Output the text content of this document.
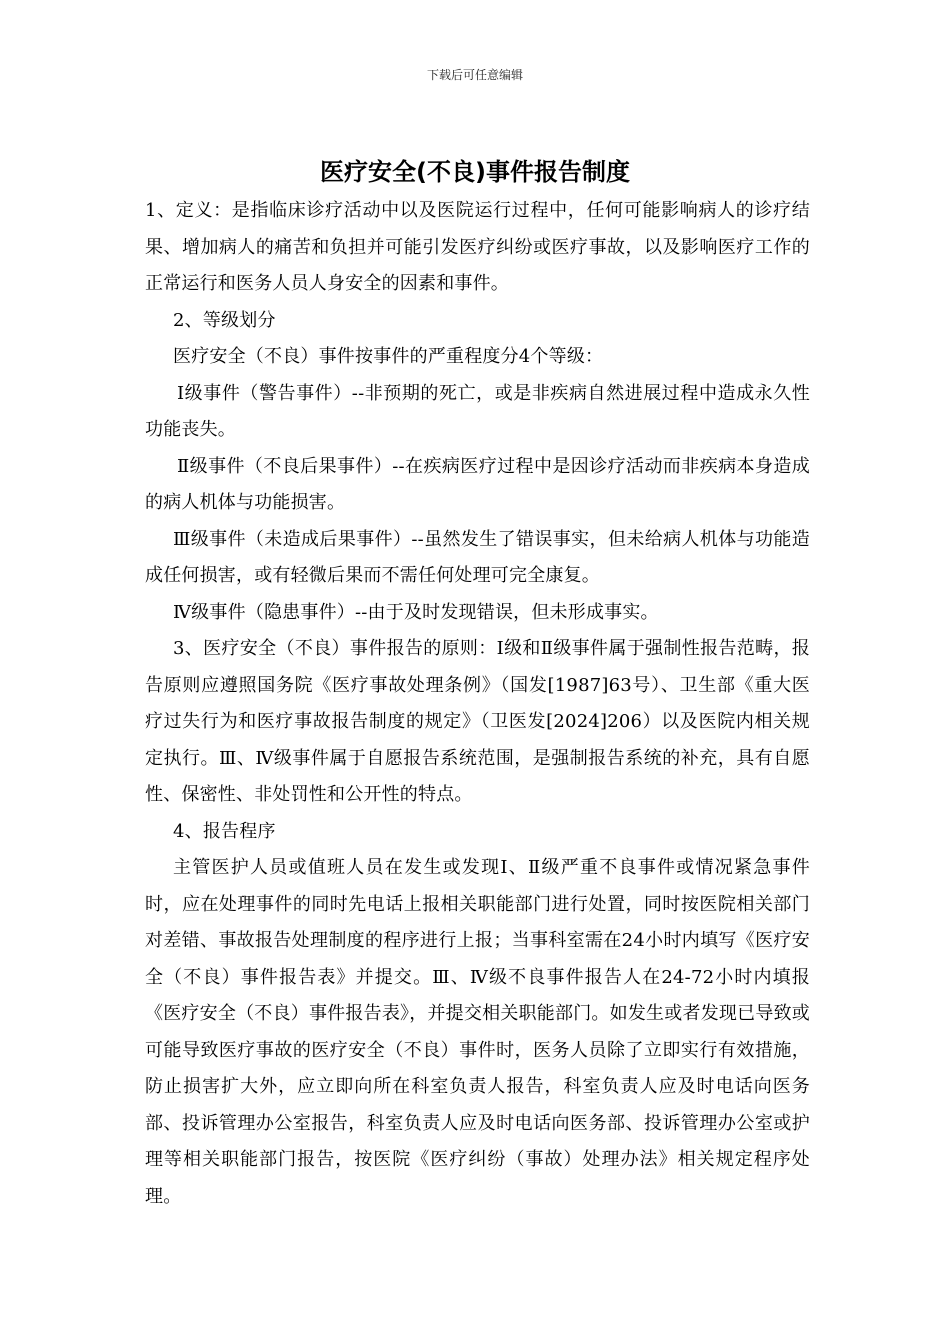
下载后可任意编辑
医疗安全(不良)事件报告制度

1、定义：是指临床诊疗活动中以及医院运行过程中，任何可能影响病人的诊疗结果、增加病人的痛苦和负担并可能引发医疗纠纷或医疗事故，以及影响医疗工作的正常运行和医务人员人身安全的因素和事件。

2、等级划分

医疗安全（不良）事件按事件的严重程度分4个等级：

Ⅰ级事件（警告事件）--非预期的死亡，或是非疾病自然进展过程中造成永久性功能丧失。

Ⅱ级事件（不良后果事件）--在疾病医疗过程中是因诊疗活动而非疾病本身造成的病人机体与功能损害。

Ⅲ级事件（未造成后果事件）--虽然发生了错误事实，但未给病人机体与功能造成任何损害，或有轻微后果而不需任何处理可完全康复。

Ⅳ级事件（隐患事件）--由于及时发现错误，但未形成事实。

3、医疗安全（不良）事件报告的原则：Ⅰ级和Ⅱ级事件属于强制性报告范畴，报告原则应遵照国务院《医疗事故处理条例》（国发[1987]63号）、卫生部《重大医疗过失行为和医疗事故报告制度的规定》（卫医发[2024]206）以及医院内相关规定执行。Ⅲ、Ⅳ级事件属于自愿报告系统范围，是强制报告系统的补充，具有自愿性、保密性、非处罚性和公开性的特点。

4、报告程序

主管医护人员或值班人员在发生或发现Ⅰ、Ⅱ级严重不良事件或情况紧急事件时，应在处理事件的同时先电话上报相关职能部门进行处置，同时按医院相关部门对差错、事故报告处理制度的程序进行上报；当事科室需在24小时内填写《医疗安全（不良）事件报告表》并提交。Ⅲ、Ⅳ级不良事件报告人在24-72小时内填报《医疗安全（不良）事件报告表》，并提交相关职能部门。如发生或者发现已导致或可能导致医疗事故的医疗安全（不良）事件时，医务人员除了立即实行有效措施，防止损害扩大外，应立即向所在科室负责人报告，科室负责人应及时电话向医务部、投诉管理办公室报告，科室负责人应及时电话向医务部、投诉管理办公室或护理等相关职能部门报告，按医院《医疗纠纷（事故）处理办法》相关规定程序处理。
